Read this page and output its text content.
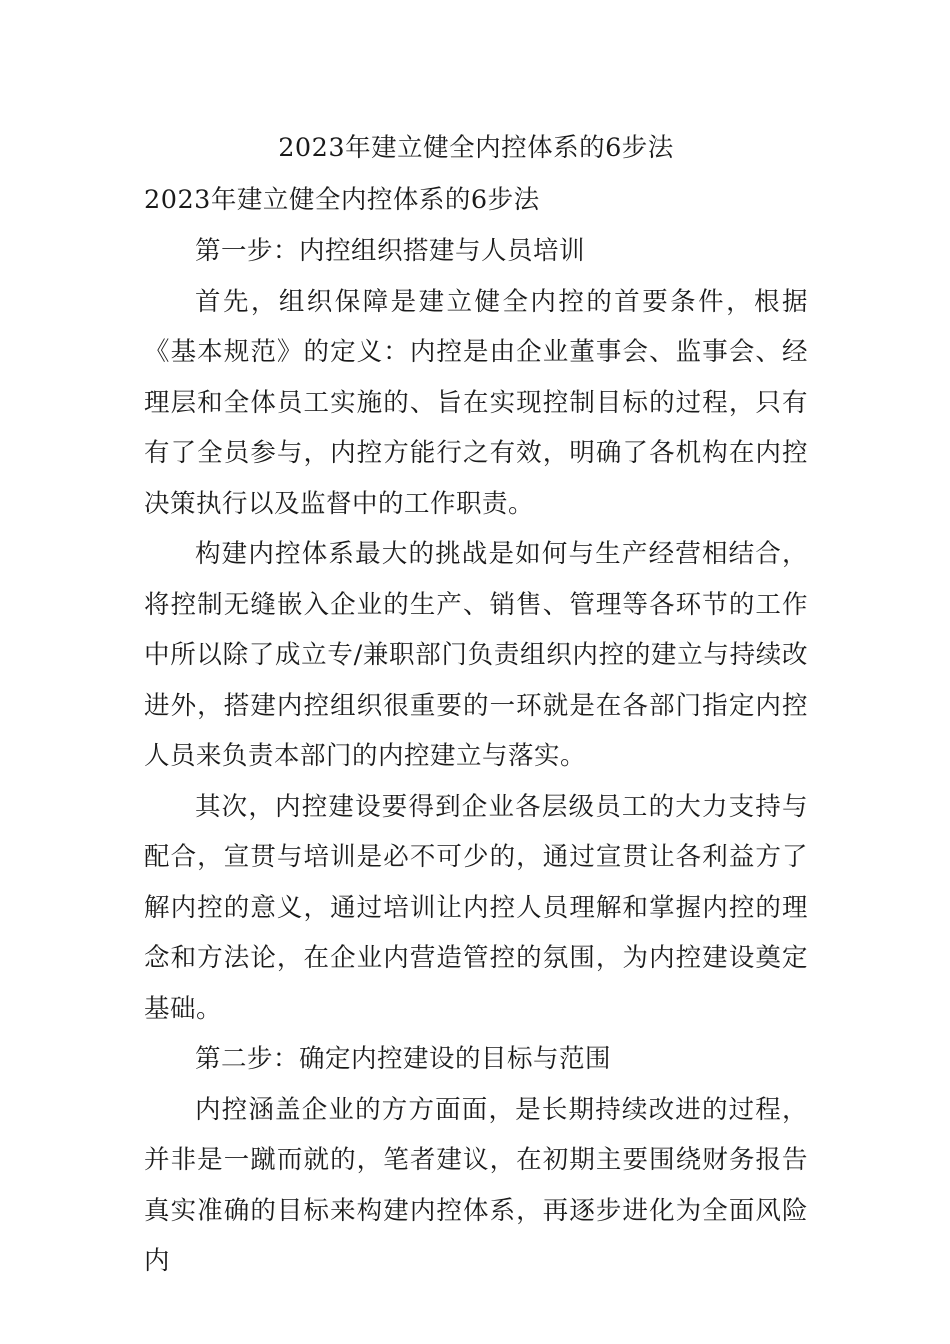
2023年建立健全内控体系的6步法
2023年建立健全内控体系的6步法

第一步：内控组织搭建与人员培训

首先，组织保障是建立健全内控的首要条件，根据《基本规范》的定义：内控是由企业董事会、监事会、经理层和全体员工实施的、旨在实现控制目标的过程，只有有了全员参与，内控方能行之有效，明确了各机构在内控决策执行以及监督中的工作职责。

构建内控体系最大的挑战是如何与生产经营相结合，将控制无缝嵌入企业的生产、销售、管理等各环节的工作中所以除了成立专/兼职部门负责组织内控的建立与持续改进外，搭建内控组织很重要的一环就是在各部门指定内控人员来负责本部门的内控建立与落实。

其次，内控建设要得到企业各层级员工的大力支持与配合，宣贯与培训是必不可少的，通过宣贯让各利益方了解内控的意义，通过培训让内控人员理解和掌握内控的理念和方法论，在企业内营造管控的氛围，为内控建设奠定基础。

第二步：确定内控建设的目标与范围

内控涵盖企业的方方面面，是长期持续改进的过程，并非是一蹴而就的，笔者建议，在初期主要围绕财务报告真实准确的目标来构建内控体系，再逐步进化为全面风险内
